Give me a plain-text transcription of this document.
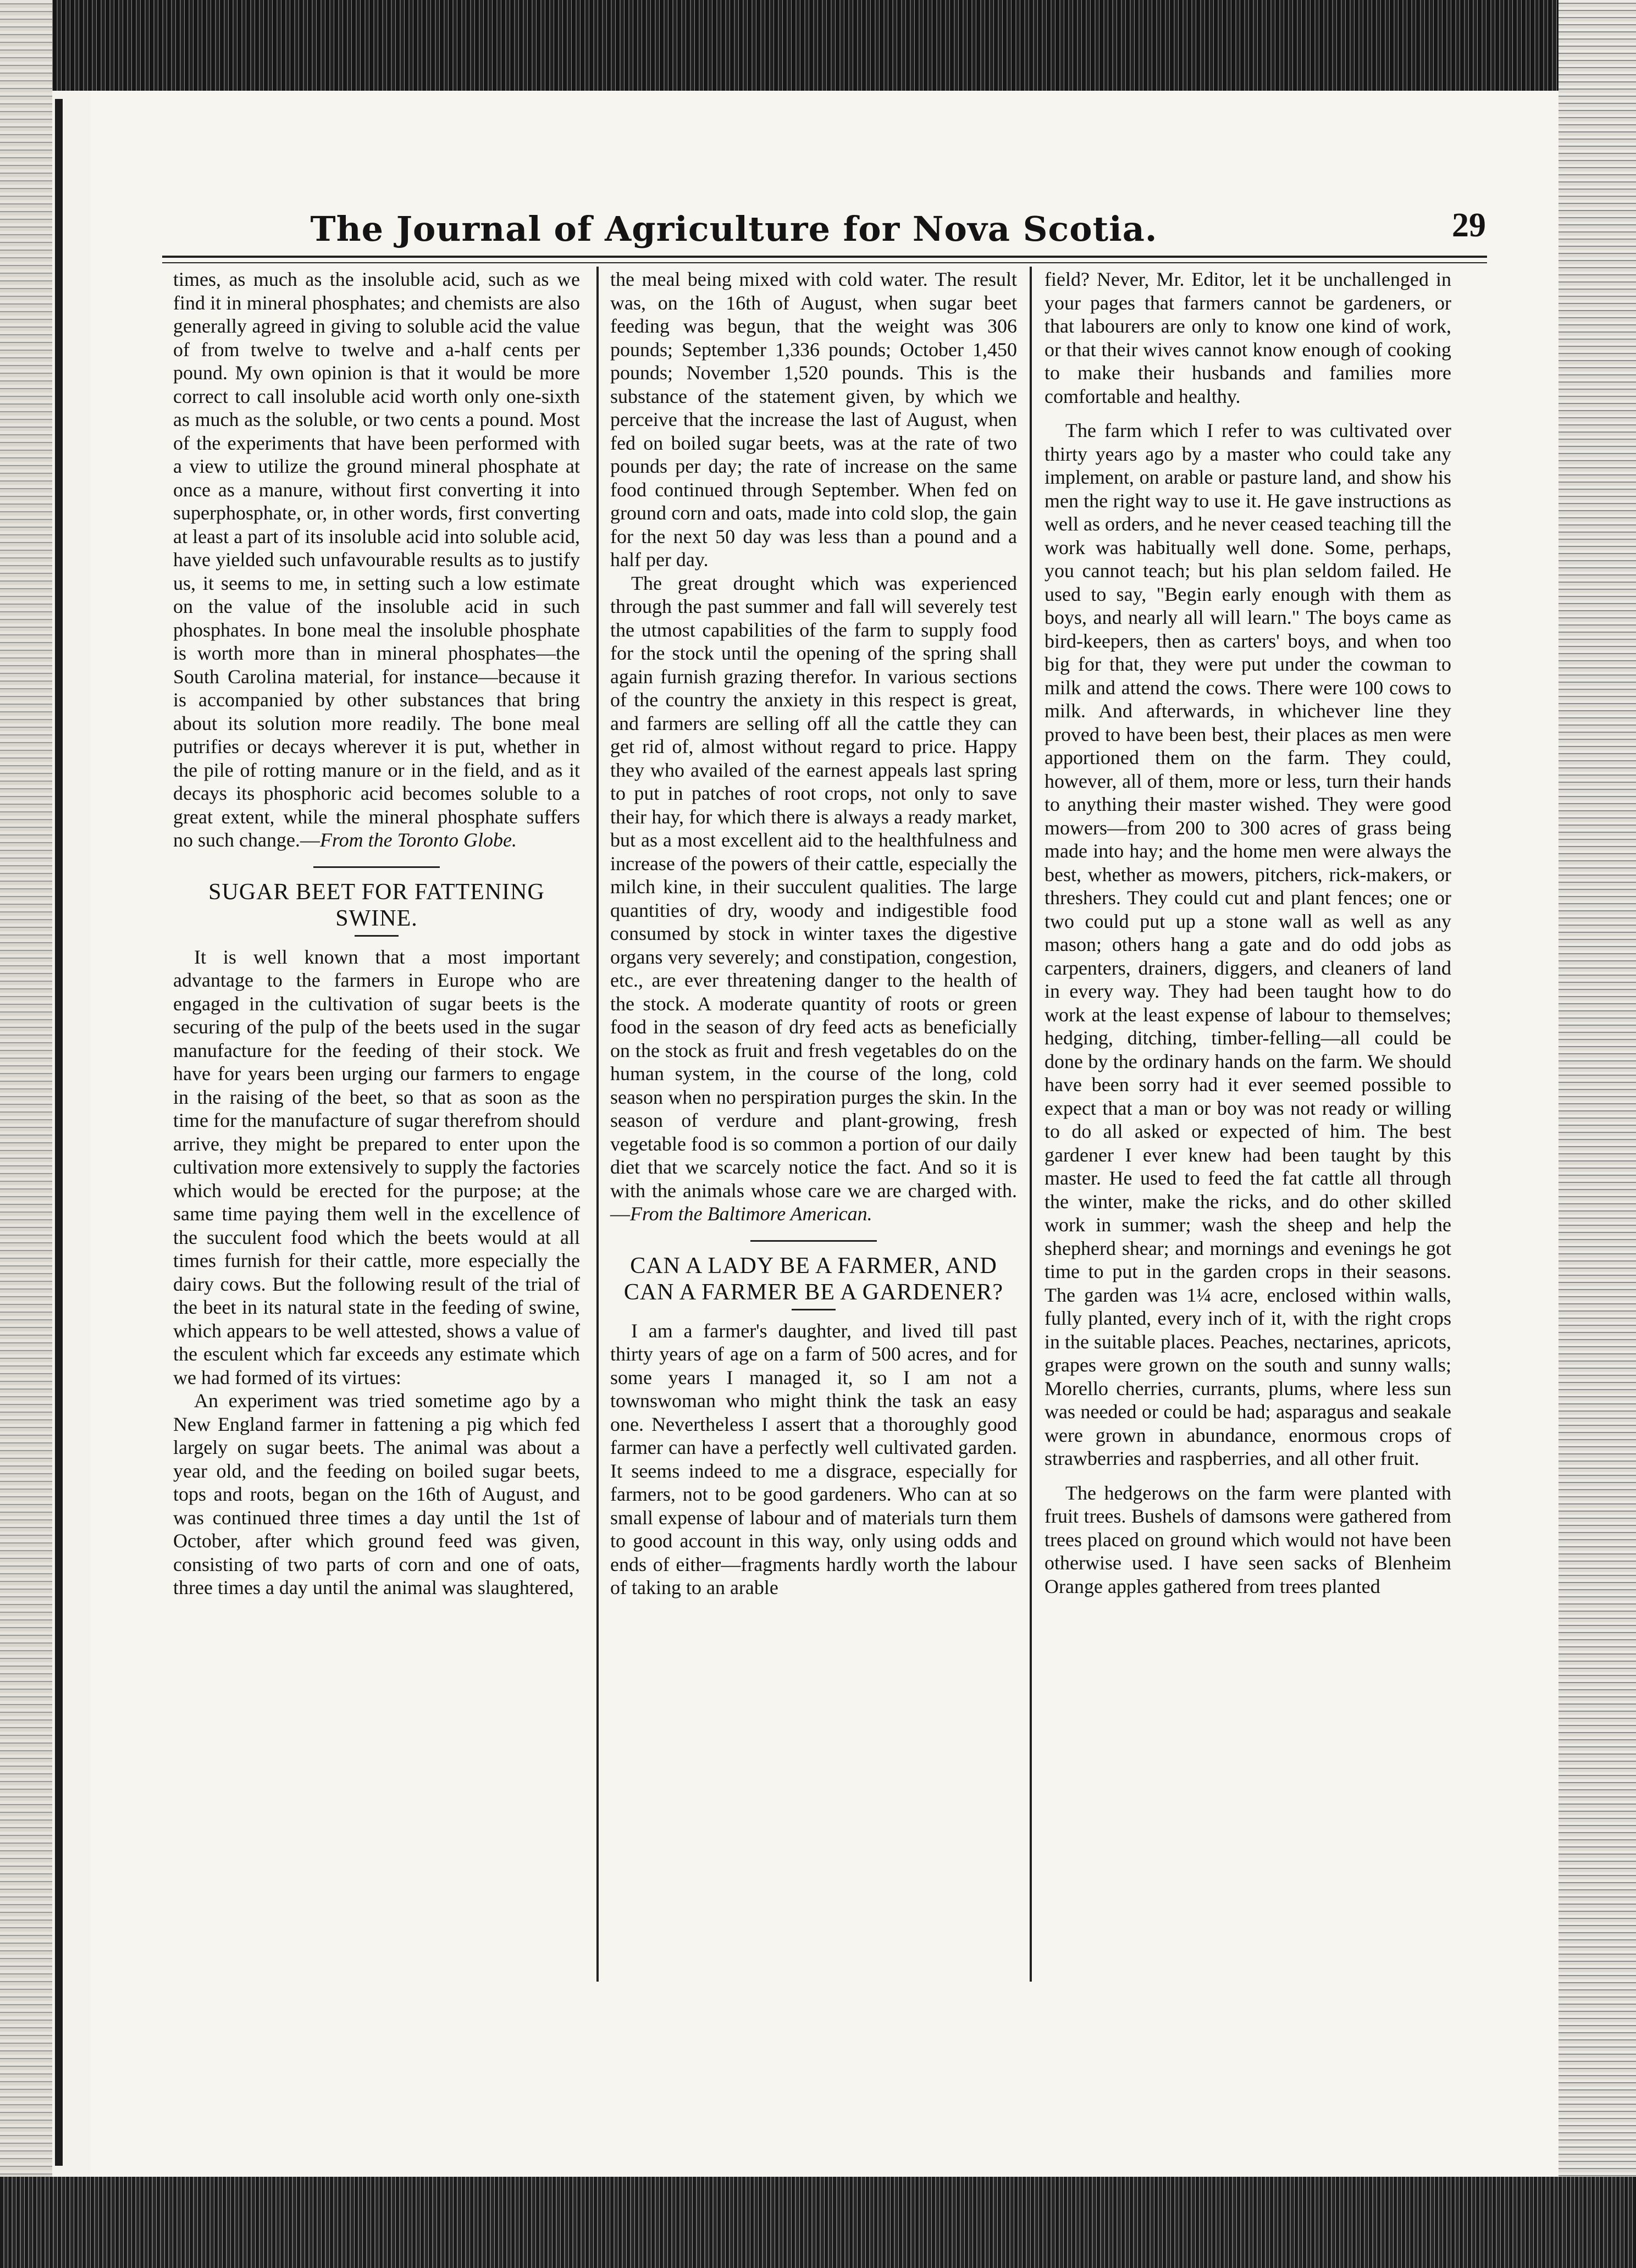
The Journal of Agriculture for Nova Scotia.	29

times, as much as the insoluble acid, such as we find it in mineral phosphates; and chemists are also generally agreed in giving to soluble acid the value of from twelve to twelve and a-half cents per pound. My own opinion is that it would be more correct to call insoluble acid worth only one-sixth as much as the soluble, or two cents a pound. Most of the experiments that have been performed with a view to utilize the ground mineral phosphate at once as a manure, without first converting it into superphosphate, or, in other words, first converting at least a part of its insoluble acid into soluble acid, have yielded such unfavourable results as to justify us, it seems to me, in setting such a low estimate on the value of the insoluble acid in such phosphates. In bone meal the insoluble phosphate is worth more than in mineral phosphates—the South Carolina material, for instance—because it is accompanied by other substances that bring about its solution more readily. The bone meal putrifies or decays wherever it is put, whether in the pile of rotting manure or in the field, and as it decays its phosphoric acid becomes soluble to a great extent, while the mineral phosphate suffers no such change.—From the Toronto Globe.

SUGAR BEET FOR FATTENING SWINE.

It is well known that a most important advantage to the farmers in Europe who are engaged in the cultivation of sugar beets is the securing of the pulp of the beets used in the sugar manufacture for the feeding of their stock. We have for years been urging our farmers to engage in the raising of the beet, so that as soon as the time for the manufacture of sugar therefrom should arrive, they might be prepared to enter upon the cultivation more extensively to supply the factories which would be erected for the purpose; at the same time paying them well in the excellence of the succulent food which the beets would at all times furnish for their cattle, more especially the dairy cows. But the following result of the trial of the beet in its natural state in the feeding of swine, which appears to be well attested, shows a value of the esculent which far exceeds any estimate which we had formed of its virtues:

An experiment was tried sometime ago by a New England farmer in fattening a pig which fed largely on sugar beets. The animal was about a year old, and the feeding on boiled sugar beets, tops and roots, began on the 16th of August, and was continued three times a day until the 1st of October, after which ground feed was given, consisting of two parts of corn and one of oats, three times a day until the animal was slaughtered,

the meal being mixed with cold water. The result was, on the 16th of August, when sugar beet feeding was begun, that the weight was 306 pounds; September 1,336 pounds; October 1,450 pounds; November 1,520 pounds. This is the substance of the statement given, by which we perceive that the increase the last of August, when fed on boiled sugar beets, was at the rate of two pounds per day; the rate of increase on the same food continued through September. When fed on ground corn and oats, made into cold slop, the gain for the next 50 day was less than a pound and a half per day.

The great drought which was experienced through the past summer and fall will severely test the utmost capabilities of the farm to supply food for the stock until the opening of the spring shall again furnish grazing therefor. In various sections of the country the anxiety in this respect is great, and farmers are selling off all the cattle they can get rid of, almost without regard to price. Happy they who availed of the earnest appeals last spring to put in patches of root crops, not only to save their hay, for which there is always a ready market, but as a most excellent aid to the healthfulness and increase of the powers of their cattle, especially the milch kine, in their succulent qualities. The large quantities of dry, woody and indigestible food consumed by stock in winter taxes the digestive organs very severely; and constipation, congestion, etc., are ever threatening danger to the health of the stock. A moderate quantity of roots or green food in the season of dry feed acts as beneficially on the stock as fruit and fresh vegetables do on the human system, in the course of the long, cold season when no perspiration purges the skin. In the season of verdure and plant-growing, fresh vegetable food is so common a portion of our daily diet that we scarcely notice the fact. And so it is with the animals whose care we are charged with.—From the Baltimore American.

CAN A LADY BE A FARMER, AND CAN A FARMER BE A GARDENER?

I am a farmer's daughter, and lived till past thirty years of age on a farm of 500 acres, and for some years I managed it, so I am not a townswoman who might think the task an easy one. Nevertheless I assert that a thoroughly good farmer can have a perfectly well cultivated garden. It seems indeed to me a disgrace, especially for farmers, not to be good gardeners. Who can at so small expense of labour and of materials turn them to good account in this way, only using odds and ends of either—fragments hardly worth the labour of taking to an arable

field? Never, Mr. Editor, let it be unchallenged in your pages that farmers cannot be gardeners, or that labourers are only to know one kind of work, or that their wives cannot know enough of cooking to make their husbands and families more comfortable and healthy.

The farm which I refer to was cultivated over thirty years ago by a master who could take any implement, on arable or pasture land, and show his men the right way to use it. He gave instructions as well as orders, and he never ceased teaching till the work was habitually well done. Some, perhaps, you cannot teach; but his plan seldom failed. He used to say, "Begin early enough with them as boys, and nearly all will learn." The boys came as bird-keepers, then as carters' boys, and when too big for that, they were put under the cowman to milk and attend the cows. There were 100 cows to milk. And afterwards, in whichever line they proved to have been best, their places as men were apportioned them on the farm. They could, however, all of them, more or less, turn their hands to anything their master wished. They were good mowers—from 200 to 300 acres of grass being made into hay; and the home men were always the best, whether as mowers, pitchers, rick-makers, or threshers. They could cut and plant fences; one or two could put up a stone wall as well as any mason; others hang a gate and do odd jobs as carpenters, drainers, diggers, and cleaners of land in every way. They had been taught how to do work at the least expense of labour to themselves; hedging, ditching, timber-felling—all could be done by the ordinary hands on the farm. We should have been sorry had it ever seemed possible to expect that a man or boy was not ready or willing to do all asked or expected of him. The best gardener I ever knew had been taught by this master. He used to feed the fat cattle all through the winter, make the ricks, and do other skilled work in summer; wash the sheep and help the shepherd shear; and mornings and evenings he got time to put in the garden crops in their seasons. The garden was 1¼ acre, enclosed within walls, fully planted, every inch of it, with the right crops in the suitable places. Peaches, nectarines, apricots, grapes were grown on the south and sunny walls; Morello cherries, currants, plums, where less sun was needed or could be had; asparagus and seakale were grown in abundance, enormous crops of strawberries and raspberries, and all other fruit.

The hedgerows on the farm were planted with fruit trees. Bushels of damsons were gathered from trees placed on ground which would not have been otherwise used. I have seen sacks of Blenheim Orange apples gathered from trees planted
